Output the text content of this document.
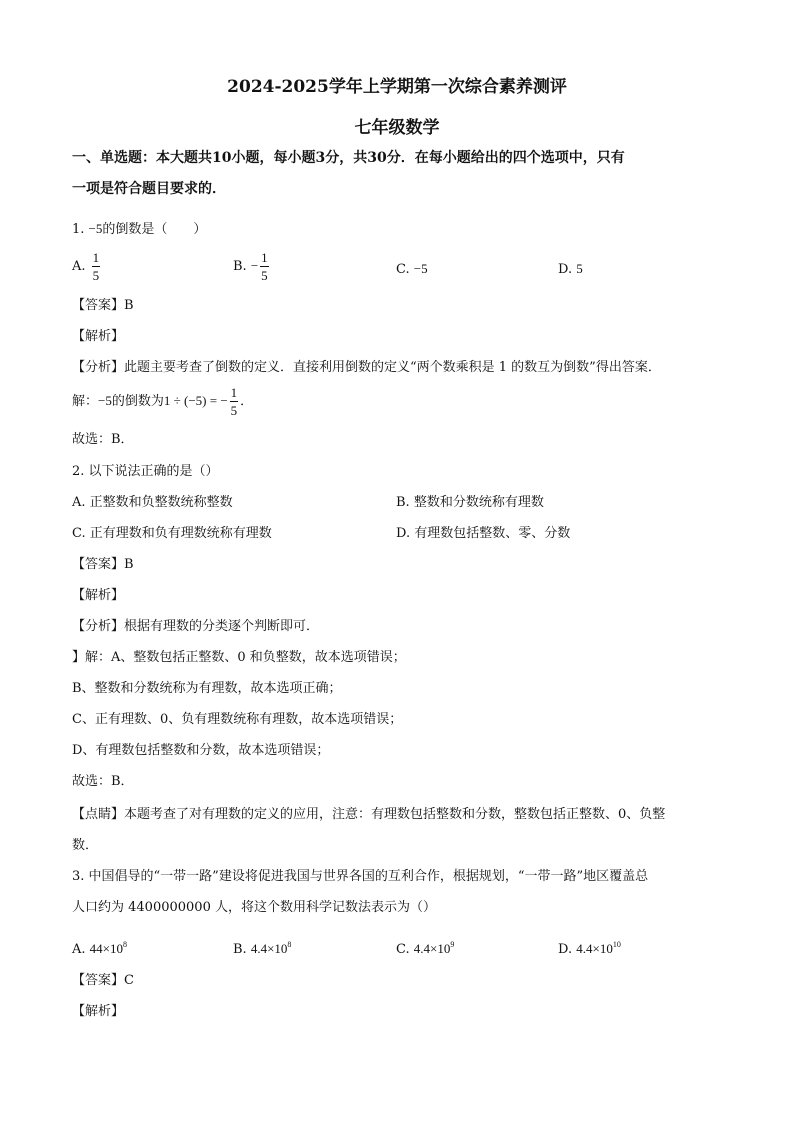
2024-2025学年上学期第一次综合素养测评
七年级数学
一、单选题：本大题共10小题，每小题3分，共30分．在每小题给出的四个选项中，只有
一项是符合题目要求的．
1. −5的倒数是（　　）
A. $\frac{1}{5}$	B. − $\frac{1}{5}$	C. −5	D. 5
【答案】B
【解析】
【分析】此题主要考查了倒数的定义．直接利用倒数的定义“两个数乘积是 1 的数互为倒数”得出答案．
解：−5的倒数为1 ÷ (−5) = − $\frac{1}{5}$ ．
故选：B．
2. 以下说法正确的是（）
A. 正整数和负整数统称整数	B. 整数和分数统称有理数
C. 正有理数和负有理数统称有理数	D. 有理数包括整数、零、分数
【答案】B
【解析】
【分析】根据有理数的分类逐个判断即可．
】解：A、整数包括正整数、0 和负整数，故本选项错误；
B、整数和分数统称为有理数，故本选项正确；
C、正有理数、0、负有理数统称有理数，故本选项错误；
D、有理数包括整数和分数，故本选项错误；
故选：B．
【点睛】本题考查了对有理数的定义的应用，注意：有理数包括整数和分数，整数包括正整数、0、负整
数．
3. 中国倡导的“一带一路”建设将促进我国与世界各国的互利合作，根据规划，“一带一路”地区覆盖总
人口约为 4400000000 人，将这个数用科学记数法表示为（）
A. $44\times 10^8$	B. $4.4\times 10^8$	C. $4.4\times 10^9$	D. $4.4\times 10^{10}$
【答案】C
【解析】
